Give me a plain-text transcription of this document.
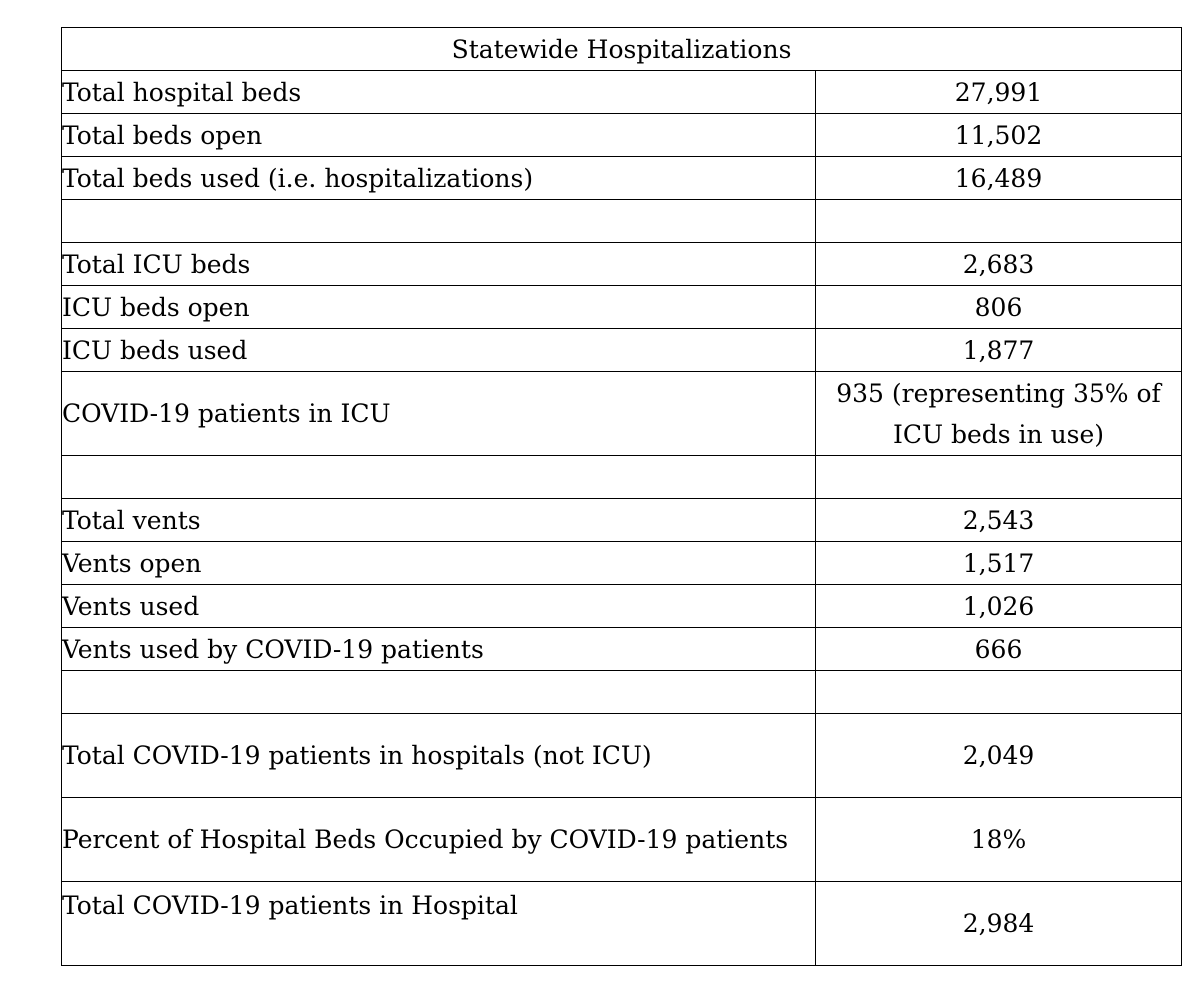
Statewide Hospitalizations	
Total hospital beds	27,991
Total beds open	11,502
Total beds used (i.e. hospitalizations)	16,489

Total ICU beds	2,683
ICU beds open	806
ICU beds used	1,877
COVID-19 patients in ICU	935 (representing 35% of ICU beds in use)

Total vents	2,543
Vents open	1,517
Vents used	1,026
Vents used by COVID-19 patients	666

Total COVID-19 patients in hospitals (not ICU)	2,049
Percent of Hospital Beds Occupied by COVID-19 patients	18%

Total COVID-19 patients in Hospital	2,984
